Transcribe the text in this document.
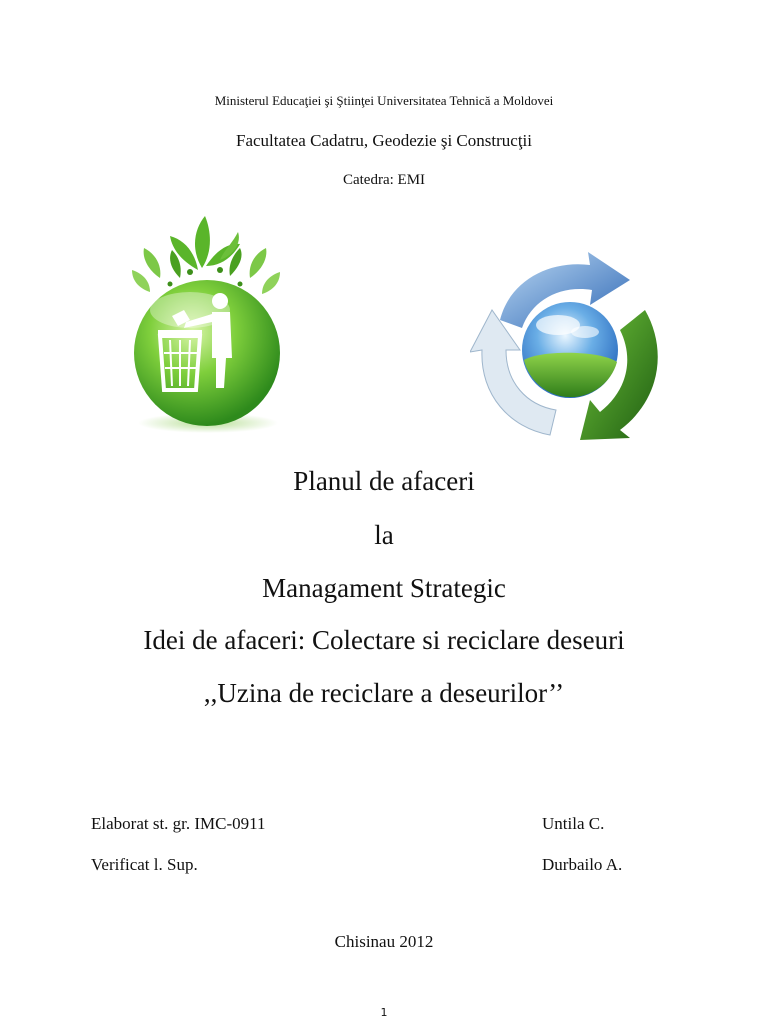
Ministerul Educaţiei şi Ştiinţei Universitatea Tehnică a Moldovei
Facultatea Cadatru, Geodezie şi Construcţii
Catedra: EMI
Planul de afaceri
la
Managament Strategic
Idei de afaceri: Colectare si reciclare deseuri
,,Uzina de reciclare a deseurilor’’
Elaborat st. gr. IMC-0911	Untila C.
Verificat l. Sup.	Durbailo A.
Chisinau 2012
1
